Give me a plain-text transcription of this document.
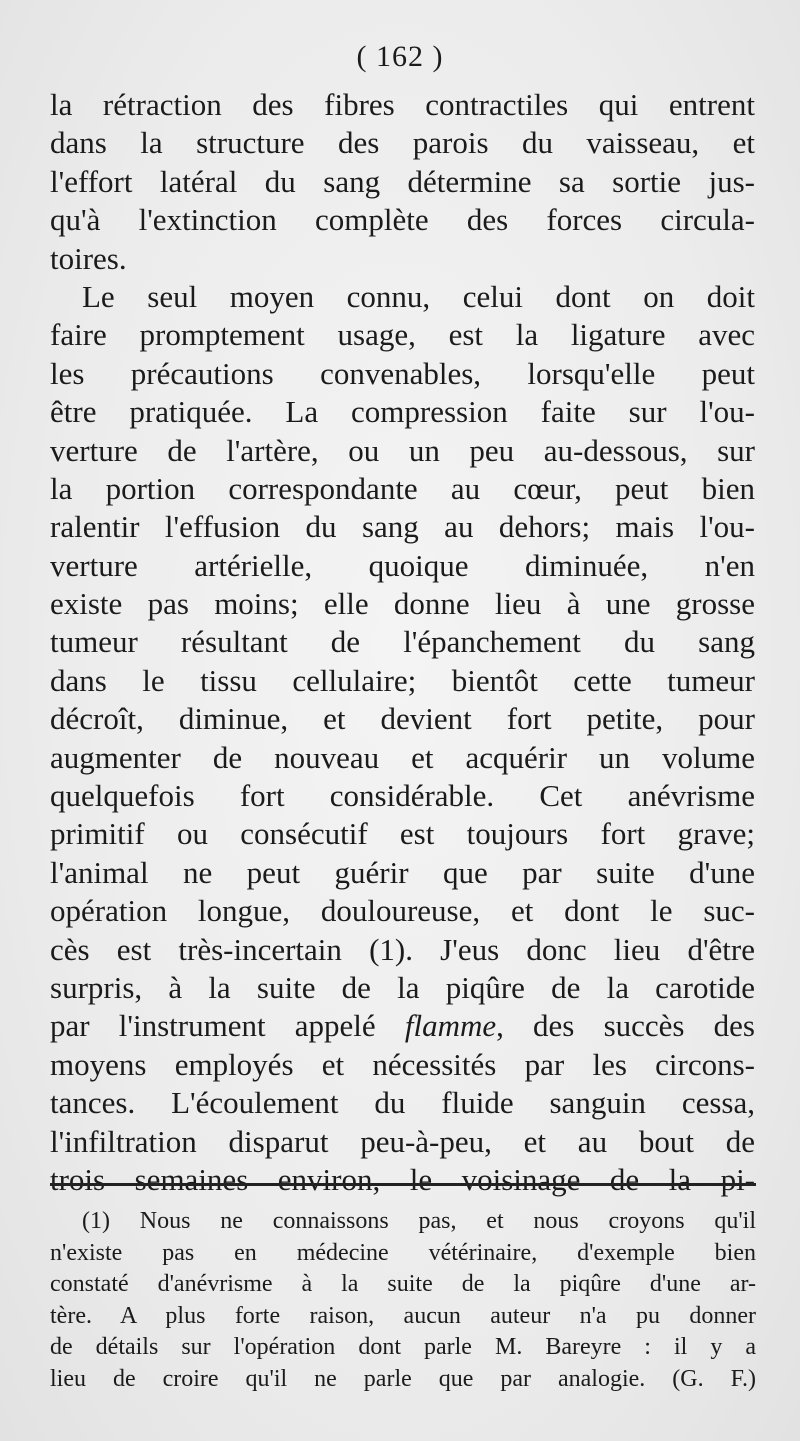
( 162 )
la rétraction des fibres contractiles qui entrent
dans la structure des parois du vaisseau, et
l'effort latéral du sang détermine sa sortie jus-
qu'à l'extinction complète des forces circula-
toires.
Le seul moyen connu, celui dont on doit
faire promptement usage, est la ligature avec
les précautions convenables, lorsqu'elle peut
être pratiquée. La compression faite sur l'ou-
verture de l'artère, ou un peu au-dessous, sur
la portion correspondante au cœur, peut bien
ralentir l'effusion du sang au dehors; mais l'ou-
verture artérielle, quoique diminuée, n'en
existe pas moins; elle donne lieu à une grosse
tumeur résultant de l'épanchement du sang
dans le tissu cellulaire; bientôt cette tumeur
décroît, diminue, et devient fort petite, pour
augmenter de nouveau et acquérir un volume
quelquefois fort considérable. Cet anévrisme
primitif ou consécutif est toujours fort grave;
l'animal ne peut guérir que par suite d'une
opération longue, douloureuse, et dont le suc-
cès est très-incertain (1). J'eus donc lieu d'être
surpris, à la suite de la piqûre de la carotide
par l'instrument appelé flamme, des succès des
moyens employés et nécessités par les circons-
tances. L'écoulement du fluide sanguin cessa,
l'infiltration disparut peu-à-peu, et au bout de
trois semaines environ, le voisinage de la pi-
(1) Nous ne connaissons pas, et nous croyons qu'il
n'existe pas en médecine vétérinaire, d'exemple bien
constaté d'anévrisme à la suite de la piqûre d'une ar-
tère. A plus forte raison, aucun auteur n'a pu donner
de détails sur l'opération dont parle M. Bareyre : il y a
lieu de croire qu'il ne parle que par analogie. (G. F.)
